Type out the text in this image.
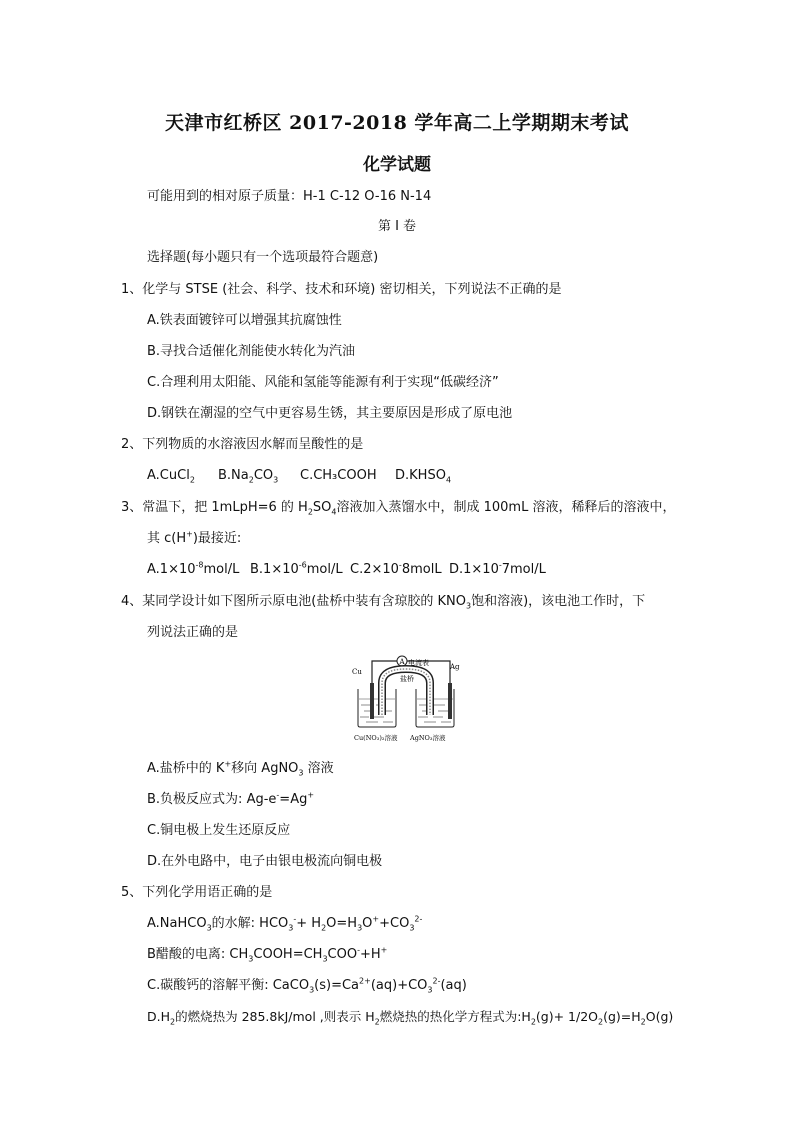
天津市红桥区 2017-2018 学年高二上学期期末考试
化学试题
可能用到的相对原子质量：H-1 C-12 O-16 N-14
第 I 卷
选择题(每小题只有一个选项最符合题意)
1、化学与 STSE (社会、科学、技术和环境) 密切相关，下列说法不正确的是
A.铁表面镀锌可以增强其抗腐蚀性
B.寻找合适催化剂能使水转化为汽油
C.合理利用太阳能、风能和氢能等能源有利于实现“低碳经济”
D.钢铁在潮湿的空气中更容易生锈，其主要原因是形成了原电池
2、下列物质的水溶液因水解而呈酸性的是
A.CuCl$_2$ $B.Na_2CO_3$ C.CH₃COOH $D.KHSO_4$
3、常温下，把 1mLpH=6 的 $H_2SO_4$溶液加入蒸馏水中，制成 100mL 溶液，稀释后的溶液中，
其 c(H+)最接近:
$A.1\times 10^{-8}mol/L$ $B.1\times 10^{-6}mol/L$ C.2×10-8molL D.1×10-7mol/L
4、某同学设计如下图所示原电池(盐桥中装有含琼胶的 $KNO_3$饱和溶液)，该电池工作时，下
列说法正确的是
A 电流表
Cu
Ag
盐桥
Cu(NO₃)₂溶液 AgNO₃溶液
A.盐桥中的 K+移向 AgNO$_3$ 溶液
B.负极反应式为: Ag-e-=Ag+
C.铜电极上发生还原反应
D.在外电路中，电子由银电极流向铜电极
5、下列化学用语正确的是
A.NaHCO$_3$的水解: $HCO_3^-+ H_2O=H_3O^++CO_3^{2-}$
B醋酸的电离: $CH_3COOH=CH_3COO^-+H^+$
C.碳酸钙的溶解平衡: $CaCO_3(s)=Ca^{2+}(aq)+CO_3^{2-}(aq)$
$D.H_2$的燃烧热为 285.8kJ/mol ,则表示 $H_2$燃烧热的热化学方程式为$:H_2(g)+ 1/2O_2(g)=H_2O(g)$
